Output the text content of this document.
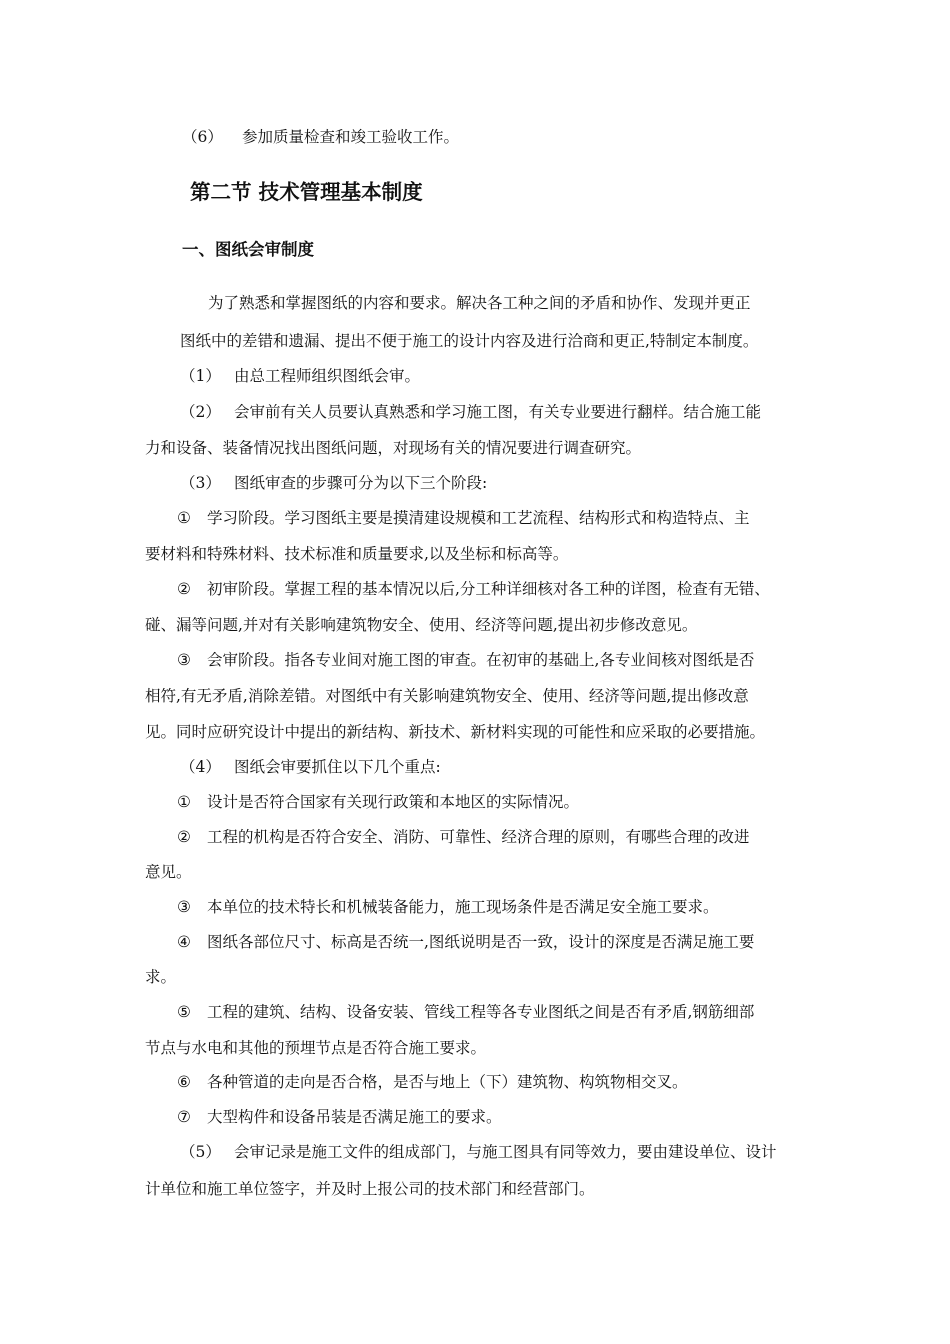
（6） 参加质量检查和竣工验收工作。
第二节 技术管理基本制度
一、图纸会审制度
为了熟悉和掌握图纸的内容和要求。解决各工种之间的矛盾和协作、发现并更正
图纸中的差错和遗漏、提出不便于施工的设计内容及进行洽商和更正,特制定本制度。
（1） 由总工程师组织图纸会审。
（2） 会审前有关人员要认真熟悉和学习施工图，有关专业要进行翻样。结合施工能
力和设备、装备情况找出图纸问题，对现场有关的情况要进行调查研究。
（3） 图纸审查的步骤可分为以下三个阶段:
① 学习阶段。学习图纸主要是摸清建设规模和工艺流程、结构形式和构造特点、主
要材料和特殊材料、技术标准和质量要求,以及坐标和标高等。
② 初审阶段。掌握工程的基本情况以后,分工种详细核对各工种的详图，检查有无错、
碰、漏等问题,并对有关影响建筑物安全、使用、经济等问题,提出初步修改意见。
③ 会审阶段。指各专业间对施工图的审查。在初审的基础上,各专业间核对图纸是否
相符,有无矛盾,消除差错。对图纸中有关影响建筑物安全、使用、经济等问题,提出修改意
见。同时应研究设计中提出的新结构、新技术、新材料实现的可能性和应采取的必要措施。
（4） 图纸会审要抓住以下几个重点:
① 设计是否符合国家有关现行政策和本地区的实际情况。
② 工程的机构是否符合安全、消防、可靠性、经济合理的原则，有哪些合理的改进
意见。
③ 本单位的技术特长和机械装备能力，施工现场条件是否满足安全施工要求。
④ 图纸各部位尺寸、标高是否统一,图纸说明是否一致，设计的深度是否满足施工要
求。
⑤ 工程的建筑、结构、设备安装、管线工程等各专业图纸之间是否有矛盾,钢筋细部
节点与水电和其他的预埋节点是否符合施工要求。
⑥ 各种管道的走向是否合格，是否与地上（下）建筑物、构筑物相交叉。
⑦ 大型构件和设备吊装是否满足施工的要求。
（5） 会审记录是施工文件的组成部门，与施工图具有同等效力，要由建设单位、设计
计单位和施工单位签字，并及时上报公司的技术部门和经营部门。
